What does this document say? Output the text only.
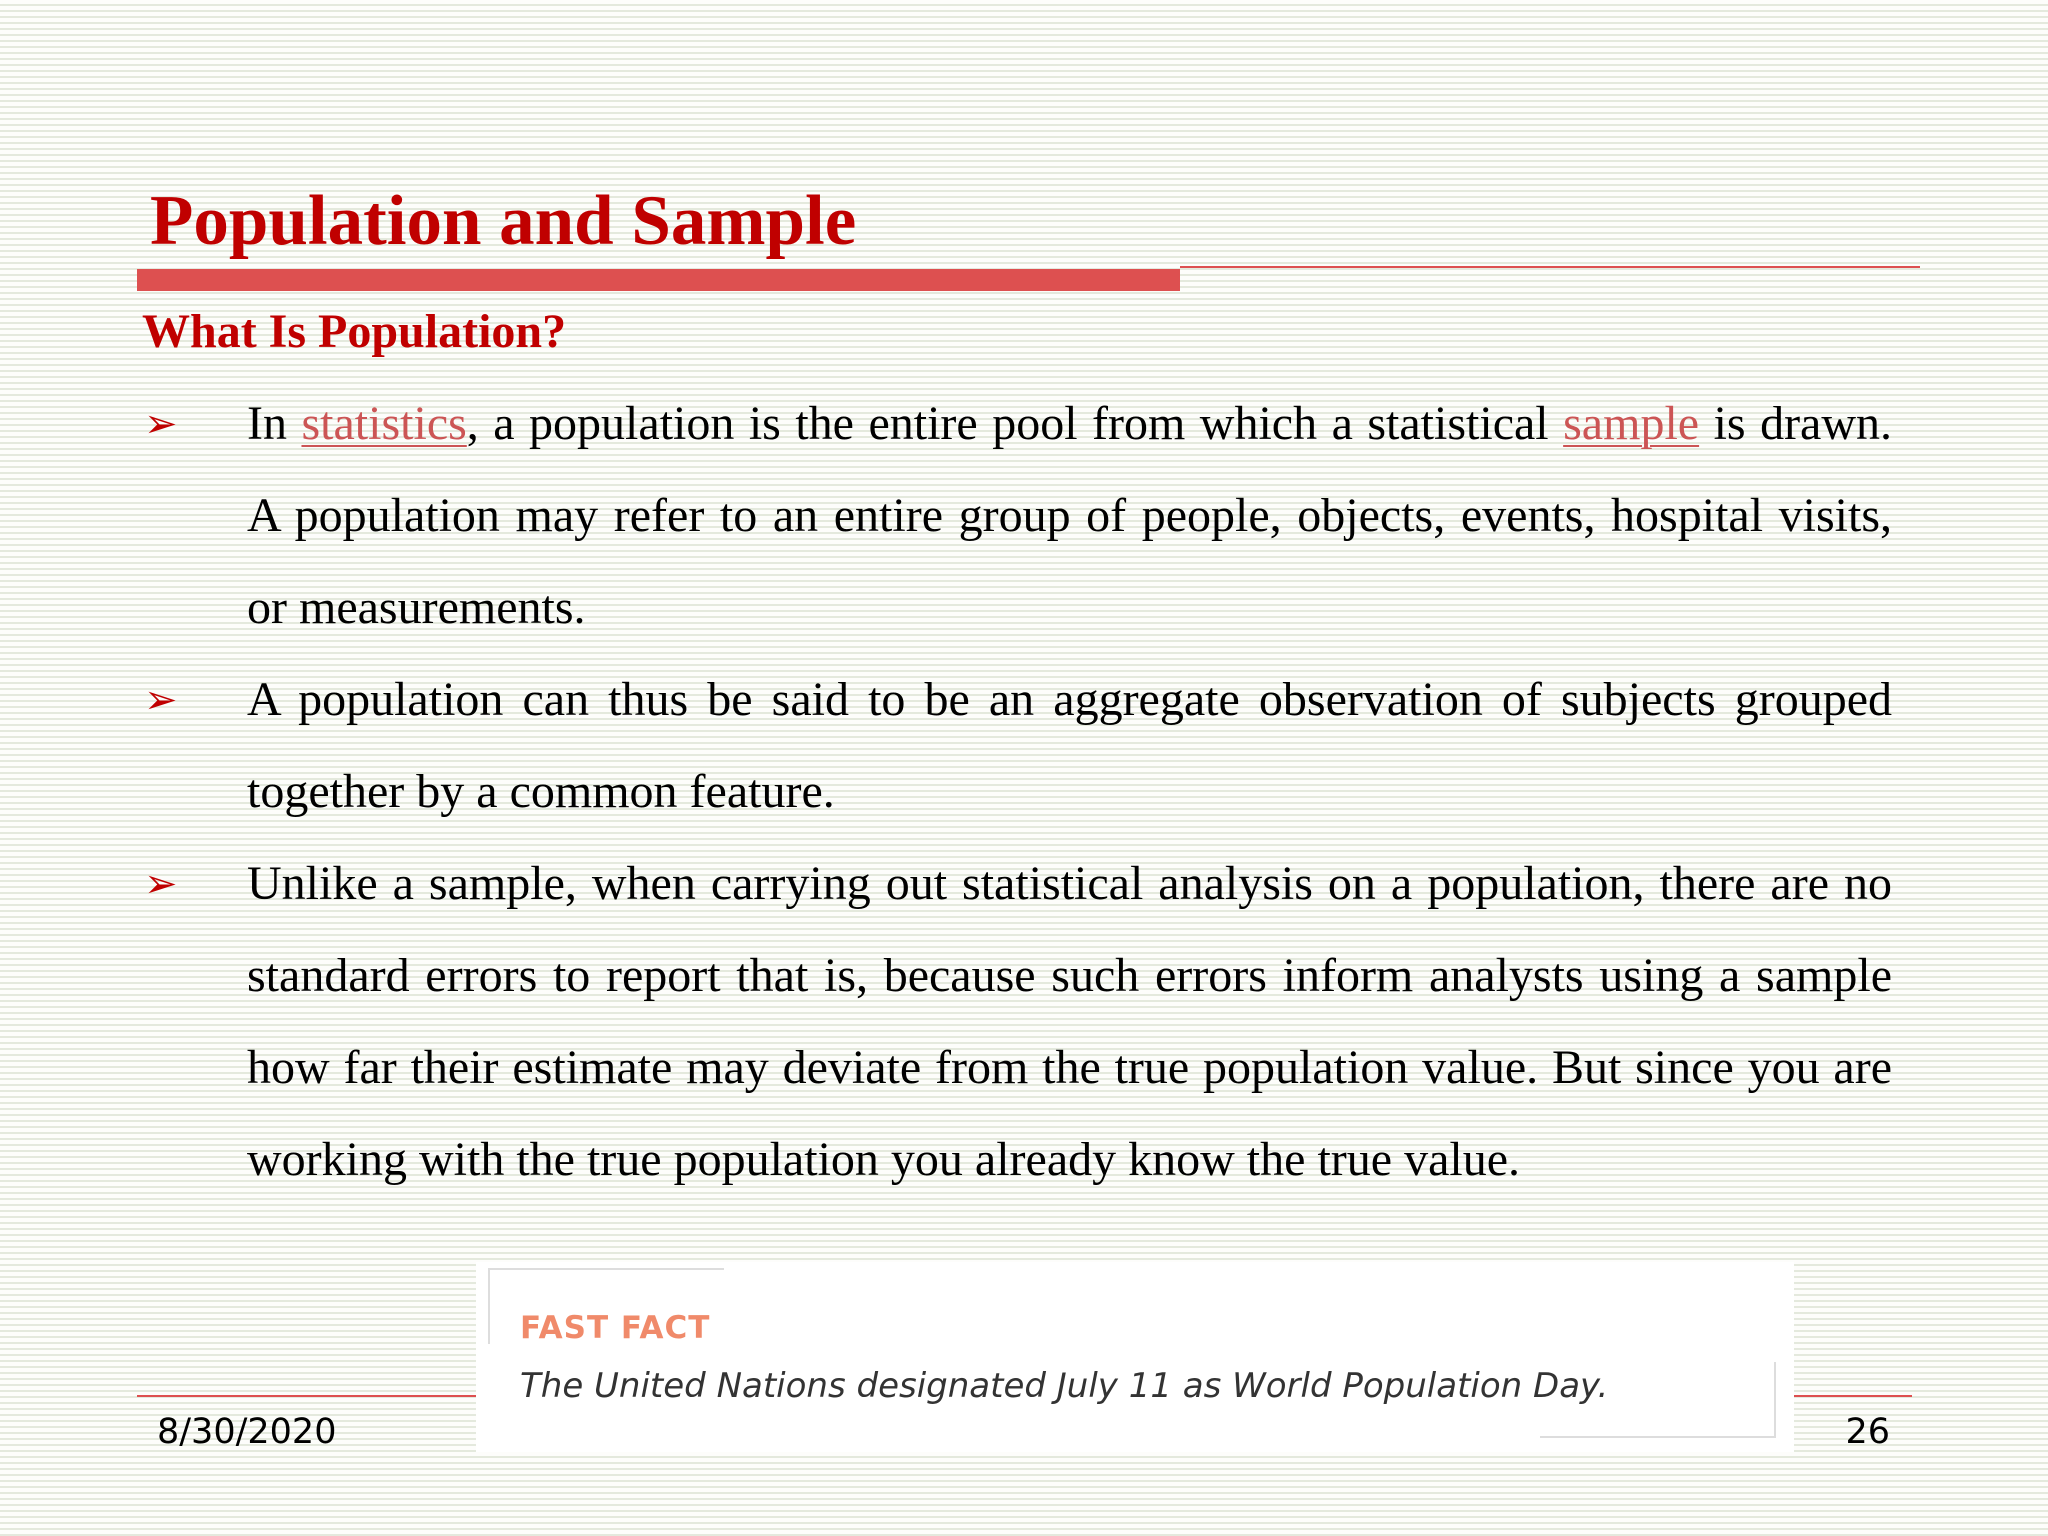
Population and Sample
What Is Population?
➢ In statistics, a population is the entire pool from which a statistical sample is drawn. A population may refer to an entire group of people, objects, events, hospital visits, or measurements.
➢ A population can thus be said to be an aggregate observation of subjects grouped together by a common feature.
➢ Unlike a sample, when carrying out statistical analysis on a population, there are no standard errors to report that is, because such errors inform analysts using a sample how far their estimate may deviate from the true population value. But since you are working with the true population you already know the true value.
8/30/2020	26
FAST FACT
The United Nations designated July 11 as World Population Day.
